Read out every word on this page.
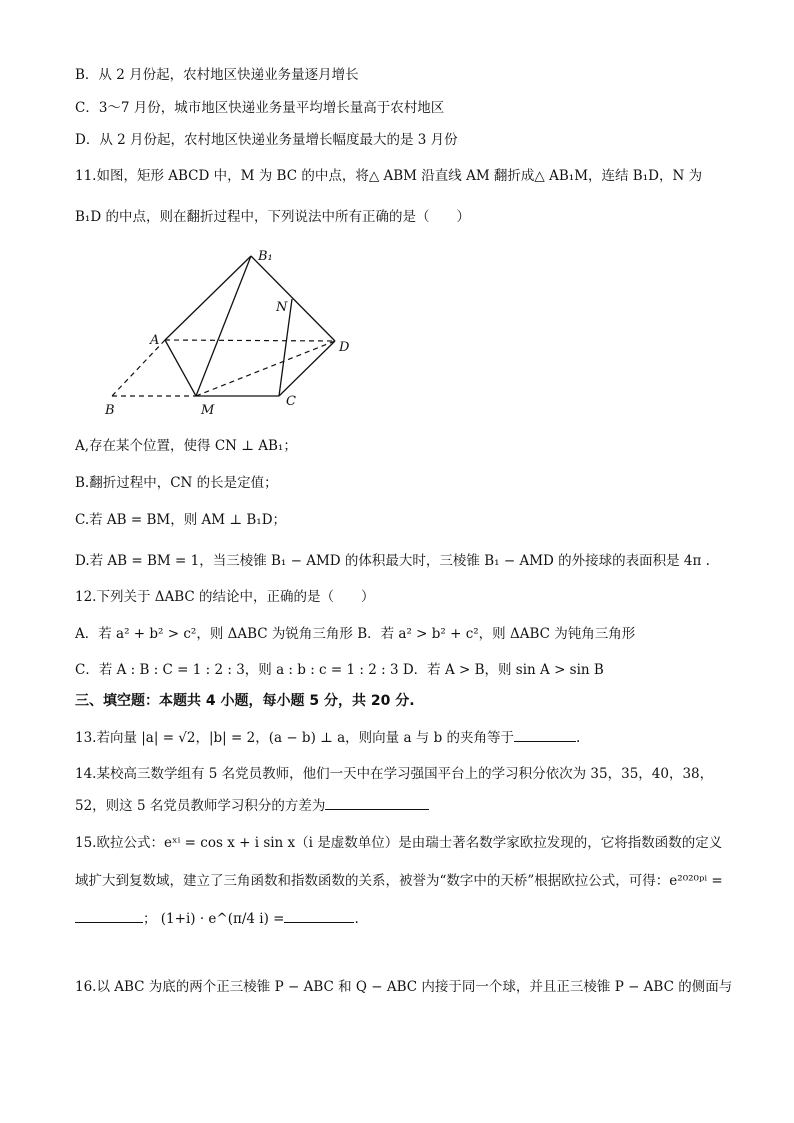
B．从 2 月份起，农村地区快递业务量逐月增长
C．3～7 月份，城市地区快递业务量平均增长量高于农村地区
D．从 2 月份起，农村地区快递业务量增长幅度最大的是 3 月份
11.如图，矩形 ABCD 中，M 为 BC 的中点，将△ ABM 沿直线 AM 翻折成△ AB₁M，连结 B₁D，N 为
B₁D 的中点，则在翻折过程中，下列说法中所有正确的是（　　）
B₁
N
A	D
B	M
C
A,存在某个位置，使得 CN ⊥ AB₁；
B.翻折过程中，CN 的长是定值；
C.若 AB = BM，则 AM ⊥ B₁D；
D.若 AB = BM = 1，当三棱锥 B₁ − AMD 的体积最大时，三棱锥 B₁ − AMD 的外接球的表面积是 4π .
12.下列关于 ΔABC 的结论中，正确的是（　　）
A．若 a² + b² > c²，则 ΔABC 为锐角三角形 B．若 a² > b² + c²，则 ΔABC 为钝角三角形
C．若 A : B : C = 1 : 2 : 3，则 a : b : c = 1 : 2 : 3 D．若 A > B，则 sin A > sin B
三、填空题：本题共 4 小题，每小题 5 分，共 20 分.
13.若向量 |a| = √2，|b| = 2，(a − b) ⊥ a，则向量 a 与 b 的夹角等于	.
14.某校高三数学组有 5 名党员教师，他们一天中在学习强国平台上的学习积分依次为 35，35，40，38，
52，则这 5 名党员教师学习积分的方差为
15.欧拉公式：eˣⁱ = cos x + i sin x（i 是虚数单位）是由瑞士著名数学家欧拉发现的，它将指数函数的定义
域扩大到复数域，建立了三角函数和指数函数的关系，被誉为“数字中的天桥”根据欧拉公式，可得：e²⁰²⁰ᵖⁱ =
； (1+i) · e^(π/4 i) =	.
16.以 ABC 为底的两个正三棱锥 P − ABC 和 Q − ABC 内接于同一个球，并且正三棱锥 P − ABC 的侧面与
